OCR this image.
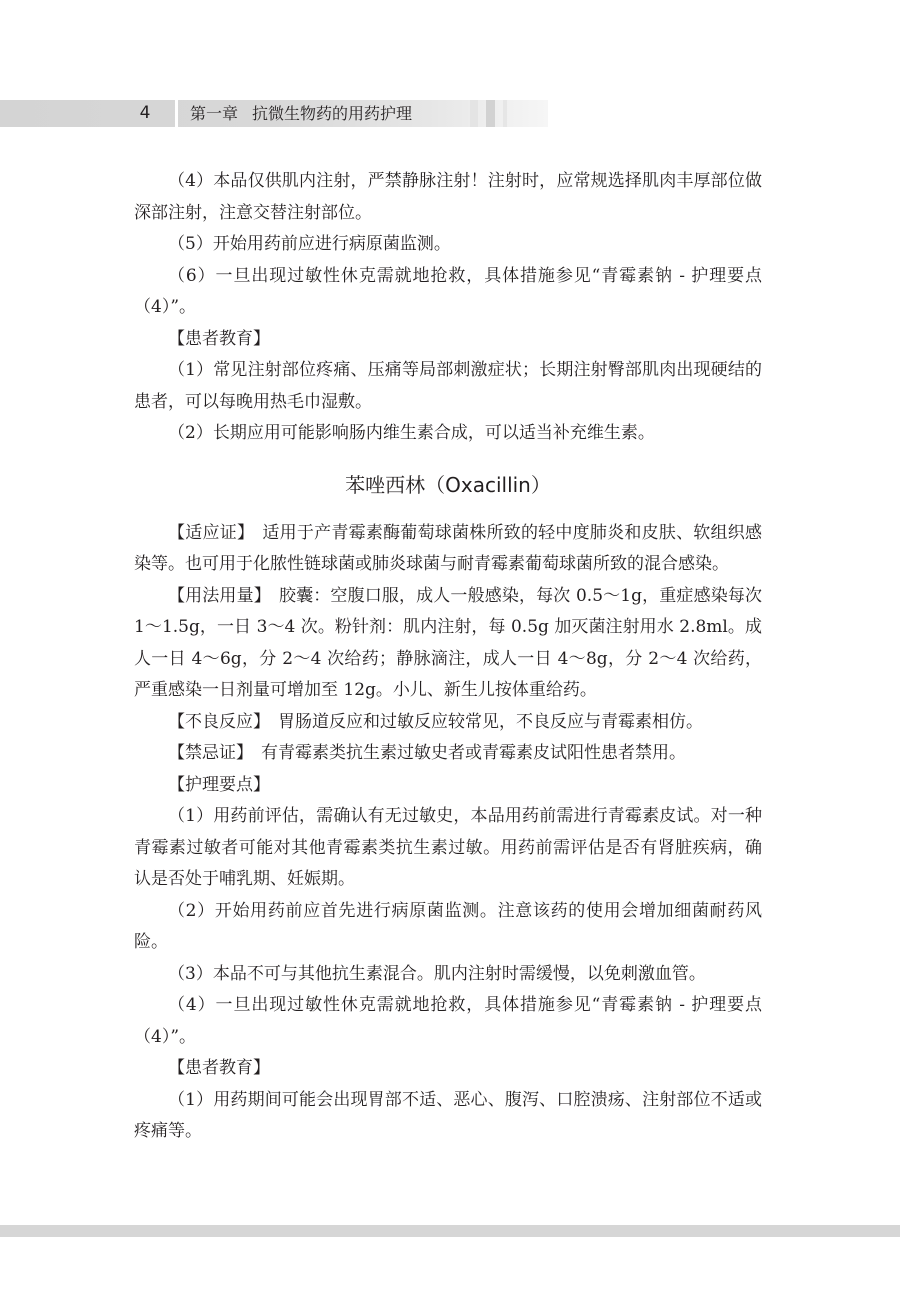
4	第一章 抗微生物药的用药护理

（4）本品仅供肌内注射，严禁静脉注射！注射时，应常规选择肌肉丰厚部位做深部注射，注意交替注射部位。

（5）开始用药前应进行病原菌监测。

（6）一旦出现过敏性休克需就地抢救，具体措施参见“青霉素钠 - 护理要点（4）”。

【患者教育】

（1）常见注射部位疼痛、压痛等局部刺激症状；长期注射臀部肌肉出现硬结的患者，可以每晚用热毛巾湿敷。

（2）长期应用可能影响肠内维生素合成，可以适当补充维生素。

苯唑西林（Oxacillin）

【适应证】 适用于产青霉素酶葡萄球菌株所致的轻中度肺炎和皮肤、软组织感染等。也可用于化脓性链球菌或肺炎球菌与耐青霉素葡萄球菌所致的混合感染。

【用法用量】 胶囊：空腹口服，成人一般感染，每次 0.5～1g，重症感染每次 1～1.5g，一日 3～4 次。粉针剂：肌内注射，每 0.5g 加灭菌注射用水 2.8ml。成人一日 4～6g，分 2～4 次给药；静脉滴注，成人一日 4～8g，分 2～4 次给药，严重感染一日剂量可增加至 12g。小儿、新生儿按体重给药。

【不良反应】 胃肠道反应和过敏反应较常见，不良反应与青霉素相仿。

【禁忌证】 有青霉素类抗生素过敏史者或青霉素皮试阳性患者禁用。

【护理要点】

（1）用药前评估，需确认有无过敏史，本品用药前需进行青霉素皮试。对一种青霉素过敏者可能对其他青霉素类抗生素过敏。用药前需评估是否有肾脏疾病，确认是否处于哺乳期、妊娠期。

（2）开始用药前应首先进行病原菌监测。注意该药的使用会增加细菌耐药风险。

（3）本品不可与其他抗生素混合。肌内注射时需缓慢，以免刺激血管。

（4）一旦出现过敏性休克需就地抢救，具体措施参见“青霉素钠 - 护理要点（4）”。

【患者教育】

（1）用药期间可能会出现胃部不适、恶心、腹泻、口腔溃疡、注射部位不适或疼痛等。
